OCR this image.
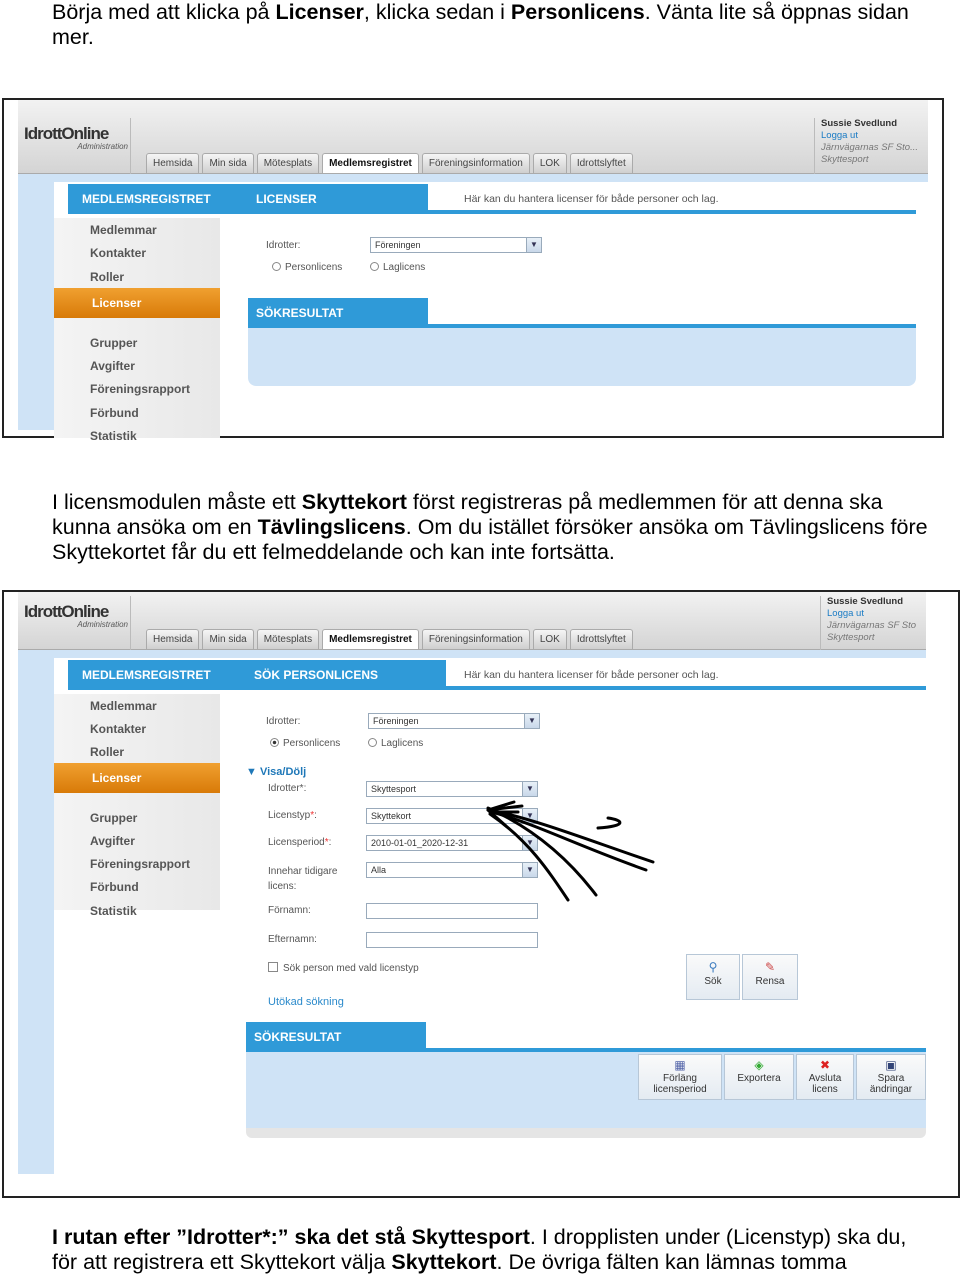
Börja med att klicka på Licenser, klicka sedan i Personlicens. Vänta lite så öppnas sidan mer.
IdrottOnline
Administration
Hemsida	Min sida	Mötesplats	Medlemsregistret	Föreningsinformation	LOK	Idrottslyftet
Sussie Svedlund
Logga ut
Järnvägarnas SF Sto...
Skyttesport
MEDLEMSREGISTRET	LICENSER	Här kan du hantera licenser för både personer och lag.
Medlemmar
Kontakter
Roller
Licenser
Grupper
Avgifter
Föreningsrapport
Förbund
Statistik
Idrotter:	Föreningen	▼
Personlicens	Laglicens
SÖKRESULTAT
I licensmodulen måste ett Skyttekort först registreras på medlemmen för att denna ska kunna ansöka om en Tävlingslicens. Om du istället försöker ansöka om Tävlingslicens före Skyttekortet får du ett felmeddelande och kan inte fortsätta.
IdrottOnline
Administration
Hemsida	Min sida	Mötesplats	Medlemsregistret	Föreningsinformation	LOK	Idrottslyftet
Sussie Svedlund
Logga ut
Järnvägarnas SF Sto
Skyttesport
MEDLEMSREGISTRET	SÖK PERSONLICENS	Här kan du hantera licenser för både personer och lag.
Medlemmar
Kontakter
Roller
Licenser
Grupper
Avgifter
Föreningsrapport
Förbund
Statistik
Idrotter:	Föreningen	▼
Personlicens	Laglicens
▼ Visa/Dölj
Idrotter*:	Skyttesport	▼
Licenstyp*:	Skyttekort	▼
Licensperiod*:	2010-01-01_2020-12-31	▼
Innehar tidigare licens:
Alla	▼
Förnamn:
Efternamn:
Sök person med vald licenstyp
Utökad sökning
⚲
Sök
✎
Rensa
SÖKRESULTAT
▦
Förläng licensperiod
◈
Exportera
✖
Avsluta licens
▣
Spara ändringar
I rutan efter ”Idrotter*:” ska det stå Skyttesport. I dropplisten under (Licenstyp) ska du, för att registrera ett Skyttekort välja Skyttekort. De övriga fälten kan lämnas tomma
